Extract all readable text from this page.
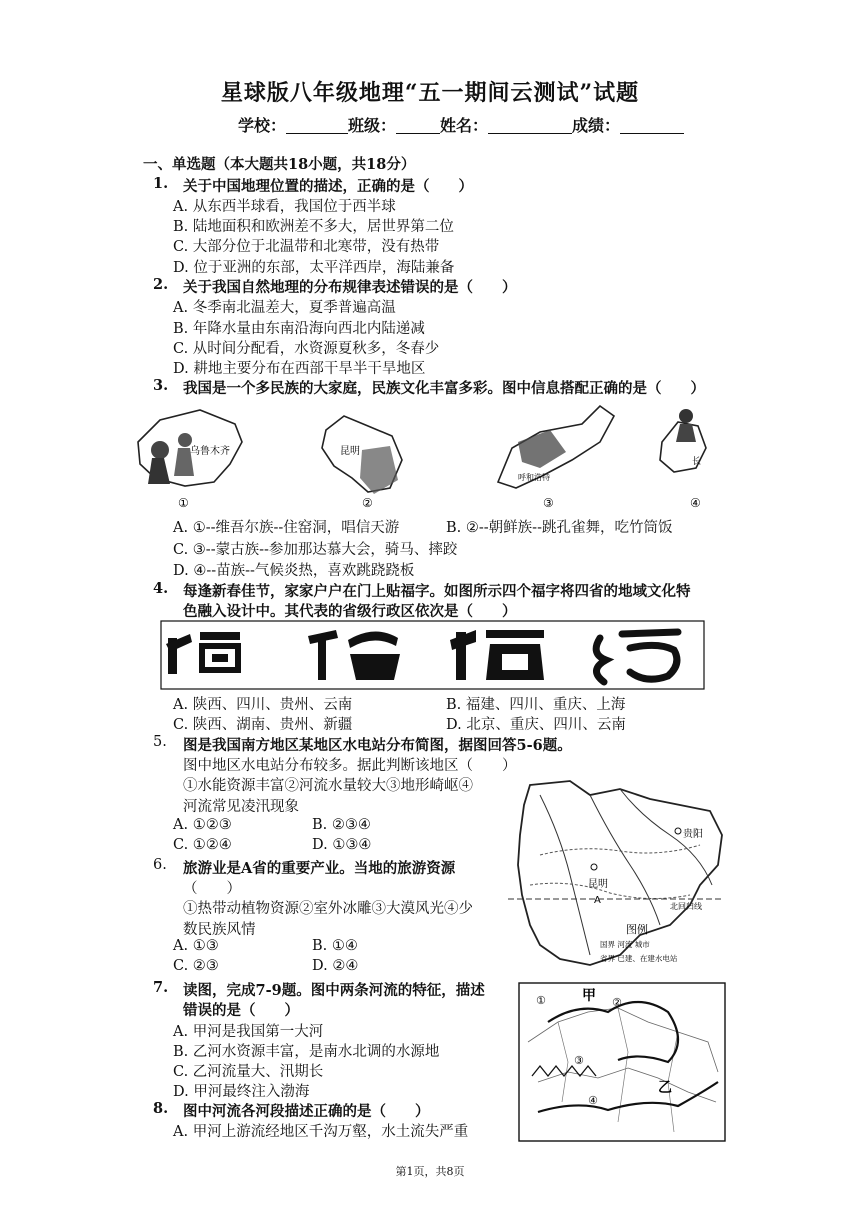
星球版八年级地理“五一期间云测试”试题
学校：	班级：	姓名：	成绩：
一、单选题（本大题共18小题，共18分）
1. 关于中国地理位置的描述，正确的是（　　）
A. 从东西半球看，我国位于西半球
B. 陆地面积和欧洲差不多大，居世界第二位
C. 大部分位于北温带和北寒带，没有热带
D. 位于亚洲的东部，太平洋西岸，海陆兼备
2. 关于我国自然地理的分布规律表述错误的是（　　）
A. 冬季南北温差大，夏季普遍高温
B. 年降水量由东南沿海向西北内陆递减
C. 从时间分配看，水资源夏秋多，冬春少
D. 耕地主要分布在西部干旱半干旱地区
3. 我国是一个多民族的大家庭，民族文化丰富多彩。图中信息搭配正确的是（　　）
乌鲁木齐	昆明
呼和浩特
长
①	②	③	④
A. ①--维吾尔族--住窑洞，唱信天游	B. ②--朝鲜族--跳孔雀舞，吃竹筒饭
C. ③--蒙古族--参加那达慕大会，骑马、摔跤
D. ④--苗族--气候炎热，喜欢跳跷跷板
4. 每逢新春佳节，家家户户在门上贴福字。如图所示四个福字将四省的地域文化特
色融入设计中。其代表的省级行政区依次是（　　）
A. 陕西、四川、贵州、云南	B. 福建、四川、重庆、上海
C. 陕西、湖南、贵州、新疆	D. 北京、重庆、四川、云南
5. 图是我国南方地区某地区水电站分布简图，据图回答5-6题。
图中地区水电站分布较多。据此判断该地区（　　）
①水能资源丰富②河流水量较大③地形崎岖④
河流常见凌汛现象
A. ①②③	B. ②③④
C. ①②④	D. ①③④
贵阳
昆明
A
北回归线
图例
国界 河流 城市
省界 已建、在建水电站
6. 旅游业是A省的重要产业。当地的旅游资源
（　　）
①热带动植物资源②室外冰雕③大漠风光④少
数民族风情
A. ①③	B. ①④
C. ②③	D. ②④
7. 读图，完成7-9题。图中两条河流的特征，描述
错误的是（　　）
A. 甲河是我国第一大河
B. 乙河水资源丰富，是南水北调的水源地
C. 乙河流量大、汛期长
D. 甲河最终注入渤海
甲
乙
①	②
③
④
8. 图中河流各河段描述正确的是（　　）
A. 甲河上游流经地区千沟万壑，水土流失严重
第1页，共8页
